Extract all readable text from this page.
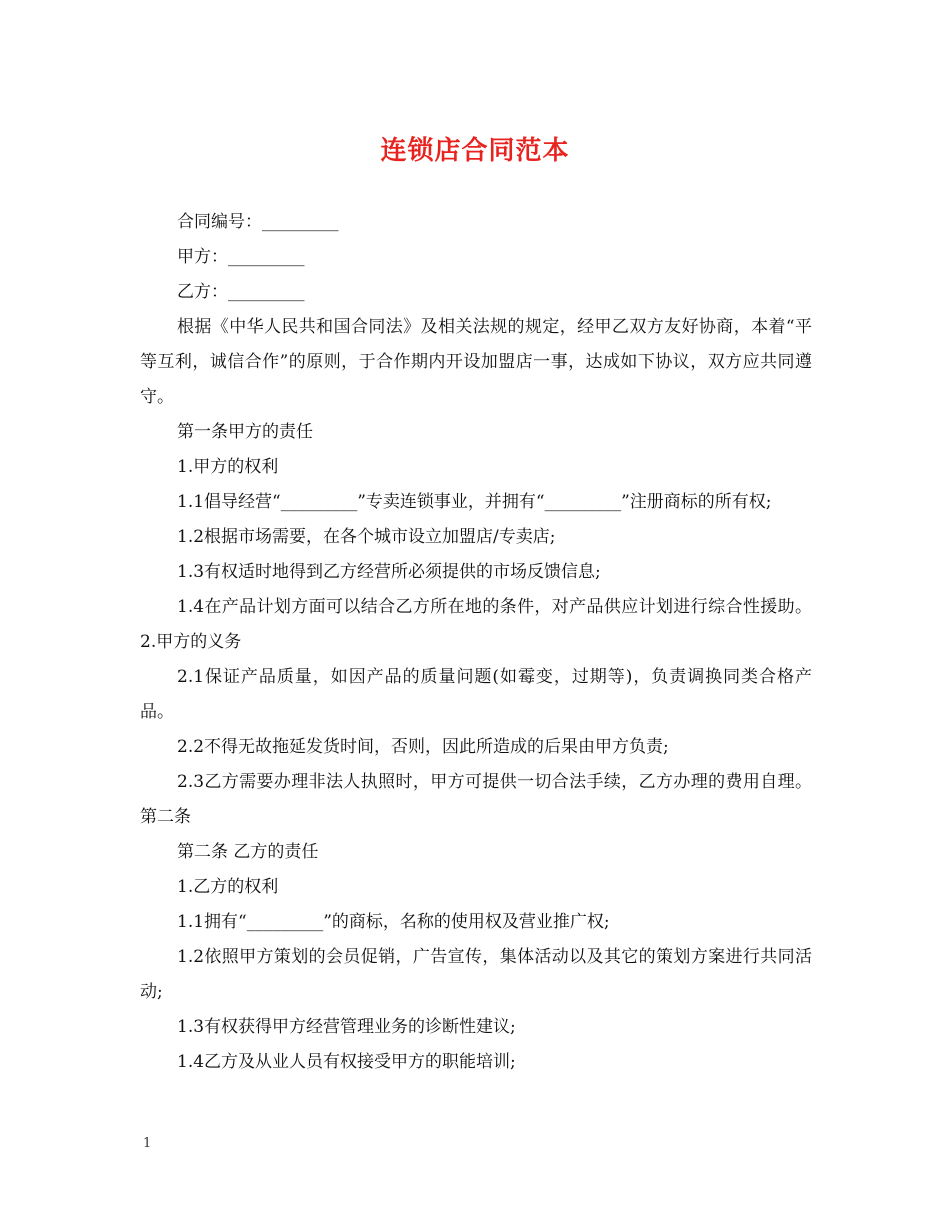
连锁店合同范本

合同编号：_________

甲方：_________

乙方：_________

根据《中华人民共和国合同法》及相关法规的规定，经甲乙双方友好协商，本着“平等互利，诚信合作”的原则，于合作期内开设加盟店一事，达成如下协议，双方应共同遵守。

第一条甲方的责任

1.甲方的权利

1.1倡导经营“_________”专卖连锁事业，并拥有“_________”注册商标的所有权;

1.2根据市场需要，在各个城市设立加盟店/专卖店;

1.3有权适时地得到乙方经营所必须提供的市场反馈信息;

1.4在产品计划方面可以结合乙方所在地的条件，对产品供应计划进行综合性援助。2.甲方的义务

2.1保证产品质量，如因产品的质量问题(如霉变，过期等)，负责调换同类合格产品。

2.2不得无故拖延发货时间，否则，因此所造成的后果由甲方负责;

2.3乙方需要办理非法人执照时，甲方可提供一切合法手续，乙方办理的费用自理。第二条

第二条 乙方的责任

1.乙方的权利

1.1拥有“_________”的商标，名称的使用权及营业推广权;

1.2依照甲方策划的会员促销，广告宣传，集体活动以及其它的策划方案进行共同活动;

1.3有权获得甲方经营管理业务的诊断性建议;

1.4乙方及从业人员有权接受甲方的职能培训;

1
